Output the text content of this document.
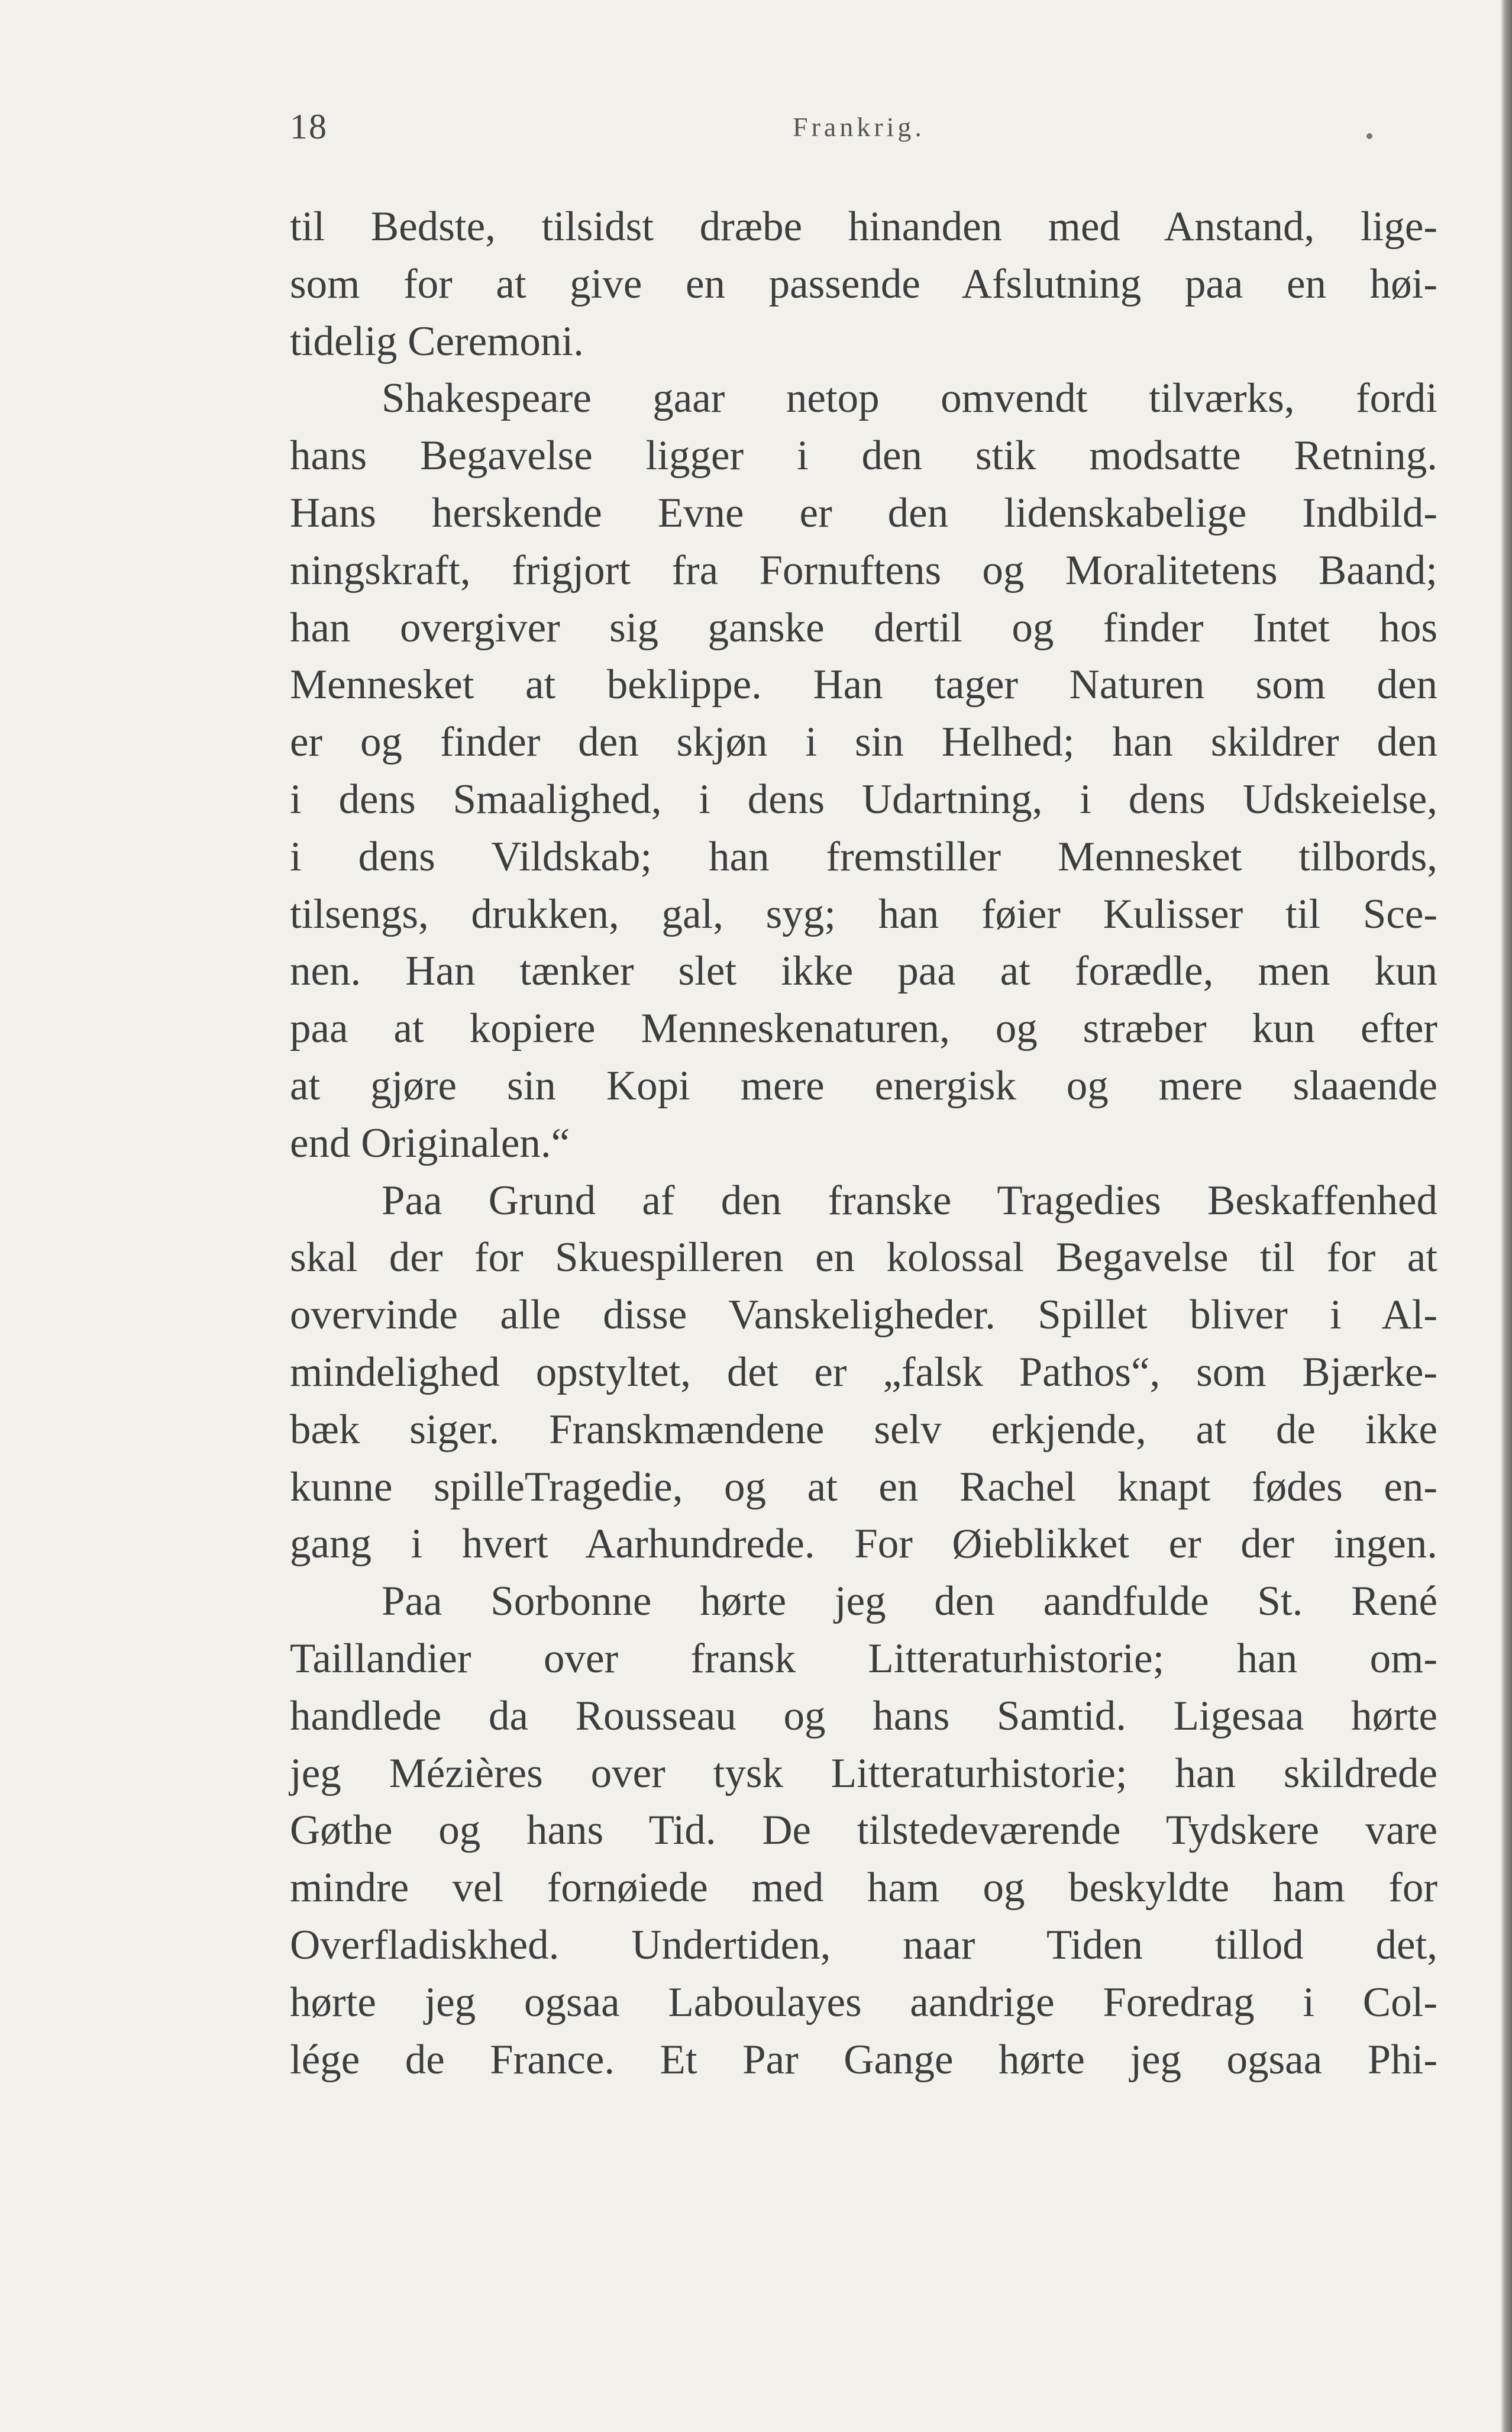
18	Frankrig.
til Bedste, tilsidst dræbe hinanden med Anstand, lige-
som for at give en passende Afslutning paa en høi-
tidelig Ceremoni.
Shakespeare gaar netop omvendt tilværks, fordi
hans Begavelse ligger i den stik modsatte Retning.
Hans herskende Evne er den lidenskabelige Indbild-
ningskraft, frigjort fra Fornuftens og Moralitetens Baand;
han overgiver sig ganske dertil og finder Intet hos
Mennesket at beklippe. Han tager Naturen som den
er og finder den skjøn i sin Helhed; han skildrer den
i dens Smaalighed, i dens Udartning, i dens Udskeielse,
i dens Vildskab; han fremstiller Mennesket tilbords,
tilsengs, drukken, gal, syg; han føier Kulisser til Sce-
nen. Han tænker slet ikke paa at forædle, men kun
paa at kopiere Menneskenaturen, og stræber kun efter
at gjøre sin Kopi mere energisk og mere slaaende
end Originalen.“
Paa Grund af den franske Tragedies Beskaffenhed
skal der for Skuespilleren en kolossal Begavelse til for at
overvinde alle disse Vanskeligheder. Spillet bliver i Al-
mindelighed opstyltet, det er „falsk Pathos“, som Bjærke-
bæk siger. Franskmændene selv erkjende, at de ikke
kunne spilleTragedie, og at en Rachel knapt fødes en-
gang i hvert Aarhundrede. For Øieblikket er der ingen.
Paa Sorbonne hørte jeg den aandfulde St. René
Taillandier over fransk Litteraturhistorie; han om-
handlede da Rousseau og hans Samtid. Ligesaa hørte
jeg Mézières over tysk Litteraturhistorie; han skildrede
Gøthe og hans Tid. De tilstedeværende Tydskere vare
mindre vel fornøiede med ham og beskyldte ham for
Overfladiskhed. Undertiden, naar Tiden tillod det,
hørte jeg ogsaa Laboulayes aandrige Foredrag i Col-
lége de France. Et Par Gange hørte jeg ogsaa Phi-
